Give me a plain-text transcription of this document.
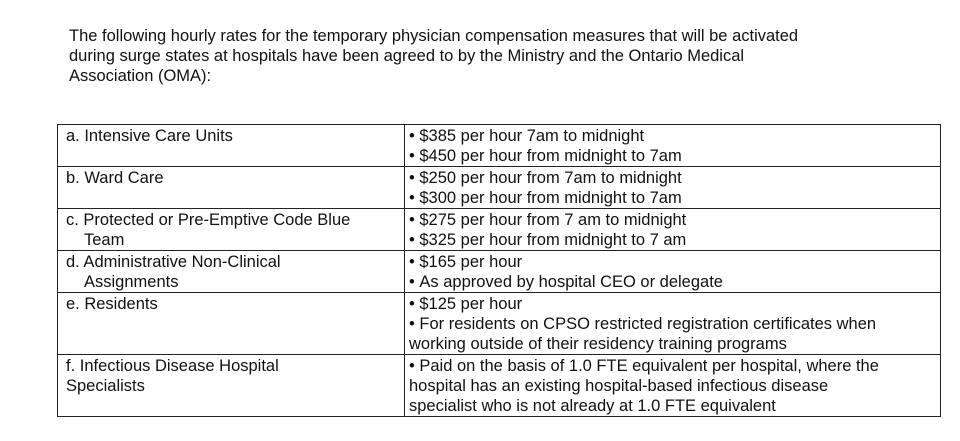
The following hourly rates for the temporary physician compensation measures that will be activated
during surge states at hospitals have been agreed to by the Ministry and the Ontario Medical
Association (OMA):

a. Intensive Care Units	• $385 per hour 7am to midnight
• $450 per hour from midnight to 7am

b. Ward Care	• $250 per hour from 7am to midnight
• $300 per hour from midnight to 7am

c. Protected or Pre-Emptive Code Blue
Team	• $275 per hour from 7 am to midnight
• $325 per hour from midnight to 7 am

d. Administrative Non-Clinical
Assignments	• $165 per hour
• As approved by hospital CEO or delegate

e. Residents	• $125 per hour
• For residents on CPSO restricted registration certificates when
working outside of their residency training programs

f. Infectious Disease Hospital
Specialists	• Paid on the basis of 1.0 FTE equivalent per hospital, where the
hospital has an existing hospital-based infectious disease
specialist who is not already at 1.0 FTE equivalent
